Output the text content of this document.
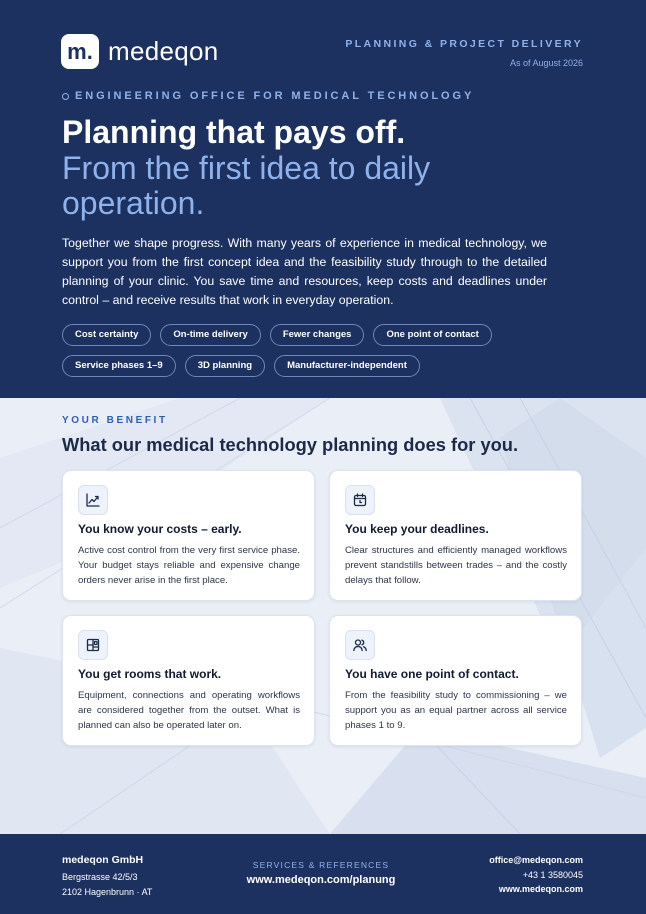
m. medeqon	PLANNING & PROJECT DELIVERY
As of August 2026
ENGINEERING OFFICE FOR MEDICAL TECHNOLOGY
Planning that pays off.
From the first idea to daily operation.

Together we shape progress. With many years of experience in medical technology, we support you from the first concept idea and the feasibility study through to the detailed planning of your clinic. You save time and resources, keep costs and deadlines under control – and receive results that work in everyday operation.

Cost certainty	On-time delivery	Fewer changes	One point of contact
Service phases 1–9	3D planning	Manufacturer-independent
YOUR BENEFIT
What our medical technology planning does for you.
You know your costs – early.
Active cost control from the very first service phase. Your budget stays reliable and expensive change orders never arise in the first place.
You keep your deadlines.
Clear structures and efficiently managed workflows prevent standstills between trades – and the costly delays that follow.
You get rooms that work.
Equipment, connections and operating workflows are considered together from the outset. What is planned can also be operated later on.
You have one point of contact.
From the feasibility study to commissioning – we support you as an equal partner across all service phases 1 to 9.
medeqon GmbH
Bergstrasse 42/5/3
2102 Hagenbrunn · AT
SERVICES & REFERENCES
www.medeqon.com/planung
office@medeqon.com
+43 1 3580045
www.medeqon.com
